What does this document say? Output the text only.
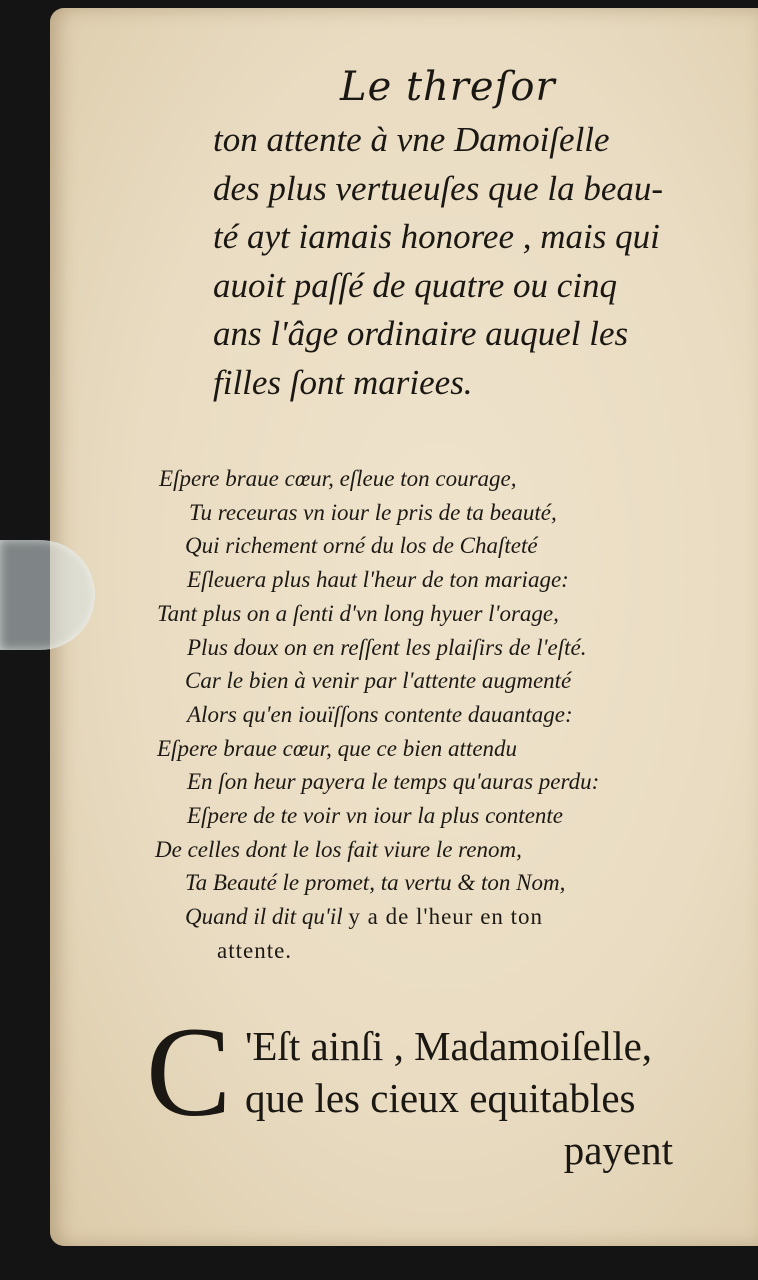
Le threſor
ton attente à vne Damoiſelle
des plus vertueuſes que la beau-
té ayt iamais honoree , mais qui
auoit paſſé de quatre ou cinq
ans l'âge ordinaire auquel les
filles ſont mariees.
Eſpere braue cœur, eſleue ton courage,
Tu receuras vn iour le pris de ta beauté,
Qui richement orné du los de Chaſteté
Eſleuera plus haut l'heur de ton mariage:
Tant plus on a ſenti d'vn long hyuer l'orage,
Plus doux on en reſſent les plaiſirs de l'eſté.
Car le bien à venir par l'attente augmenté
Alors qu'en iouïſſons contente dauantage:
Eſpere braue cœur, que ce bien attendu
En ſon heur payera le temps qu'auras perdu:
Eſpere de te voir vn iour la plus contente
De celles dont le los fait viure le renom,
Ta Beauté le promet, ta vertu & ton Nom,
Quand il dit qu'il y a de l'heur en ton
attente.
C 'Eſt ainſi , Madamoiſelle,
que les cieux equitables
payent
